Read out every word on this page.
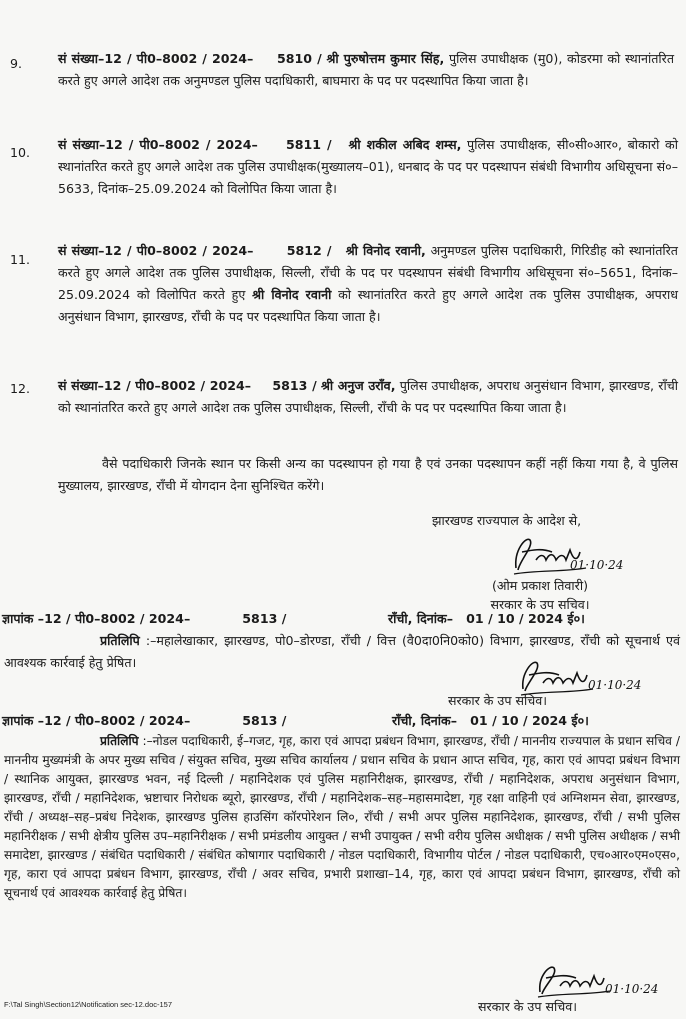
9.	सं संख्या–12 / पी0–8002 / 2024– 5810 / श्री पुरुषोत्तम कुमार सिंह, पुलिस उपाधीक्षक (मु0), कोडरमा को स्थानांतरित करते हुए अगले आदेश तक अनुमण्डल पुलिस पदाधिकारी, बाघमारा के पद पर पदस्थापित किया जाता है।
10.
सं संख्या–12 / पी0–8002 / 2024– 5811 / श्री शकील अबिद शम्स, पुलिस उपाधीक्षक, सी०सी०आर०, बोकारो को स्थानांतरित करते हुए अगले आदेश तक पुलिस उपाधीक्षक(मुख्यालय–01), धनबाद के पद पर पदस्थापन संबंधी विभागीय अधिसूचना सं०–5633, दिनांक–25.09.2024 को विलोपित किया जाता है।
11.
सं संख्या–12 / पी0–8002 / 2024–	5812 / श्री विनोद रवानी, अनुमण्डल पुलिस पदाधिकारी, गिरिडीह को स्थानांतरित करते हुए अगले आदेश तक पुलिस उपाधीक्षक, सिल्ली, राँची के पद पर पदस्थापन संबंधी विभागीय अधिसूचना सं०–5651, दिनांक–25.09.2024 को विलोपित करते हुए श्री विनोद रवानी को स्थानांतरित करते हुए अगले आदेश तक पुलिस उपाधीक्षक, अपराध अनुसंधान विभाग, झारखण्ड, राँची के पद पर पदस्थापित किया जाता है।
12. सं संख्या–12 / पी0–8002 / 2024– 5813 / श्री अनुज उराँव, पुलिस उपाधीक्षक, अपराध अनुसंधान विभाग, झारखण्ड, राँची को स्थानांतरित करते हुए अगले आदेश तक पुलिस उपाधीक्षक, सिल्ली, राँची के पद पर पदस्थापित किया जाता है।
वैसे पदाधिकारी जिनके स्थान पर किसी अन्य का पदस्थापन हो गया है एवं उनका पदस्थापन कहीं नहीं किया गया है, वे पुलिस मुख्यालय, झारखण्ड, राँची में योगदान देना सुनिश्चित करेंगे।
झारखण्ड राज्यपाल के आदेश से,
01·10·24
(ओम प्रकाश तिवारी)
सरकार के उप सचिव।
ज्ञापांक –12 / पी0–8002 / 2024–	5813 /	राँची, दिनांक– 01 / 10 / 2024 ई०।
प्रतिलिपि :–महालेखाकार, झारखण्ड, पो0–डोरण्डा, राँची / वित्त (वै0दा0नि0को0) विभाग, झारखण्ड, राँची को सूचनार्थ एवं आवश्यक कार्रवाई हेतु प्रेषित।
01·10·24
सरकार के उप सचिव।
ज्ञापांक –12 / पी0–8002 / 2024–	5813 /	राँची, दिनांक– 01 / 10 / 2024 ई०।
प्रतिलिपि :–नोडल पदाधिकारी, ई–गजट, गृह, कारा एवं आपदा प्रबंधन विभाग, झारखण्ड, राँची / माननीय राज्यपाल के प्रधान सचिव / माननीय मुख्यमंत्री के अपर मुख्य सचिव / संयुक्त सचिव, मुख्य सचिव कार्यालय / प्रधान सचिव के प्रधान आप्त सचिव, गृह, कारा एवं आपदा प्रबंधन विभाग / स्थानिक आयुक्त, झारखण्ड भवन, नई दिल्ली / महानिदेशक एवं पुलिस महानिरीक्षक, झारखण्ड, राँची / महानिदेशक, अपराध अनुसंधान विभाग, झारखण्ड, राँची / महानिदेशक, भ्रष्टाचार निरोधक ब्यूरो, झारखण्ड, राँची / महानिदेशक–सह–महासमादेष्टा, गृह रक्षा वाहिनी एवं अग्निशमन सेवा, झारखण्ड, राँची / अध्यक्ष–सह–प्रबंध निदेशक, झारखण्ड पुलिस हाउसिंग कॉरपोरेशन लि०, राँची / सभी अपर पुलिस महानिदेशक, झारखण्ड, राँची / सभी पुलिस महानिरीक्षक / सभी क्षेत्रीय पुलिस उप–महानिरीक्षक / सभी प्रमंडलीय आयुक्त / सभी उपायुक्त / सभी वरीय पुलिस अधीक्षक / सभी पुलिस अधीक्षक / सभी समादेष्टा, झारखण्ड / संबंधित पदाधिकारी / संबंधित कोषागार पदाधिकारी / नोडल पदाधिकारी, विभागीय पोर्टल / नोडल पदाधिकारी, एच०आर०एम०एस०, गृह, कारा एवं आपदा प्रबंधन विभाग, झारखण्ड, राँची / अवर सचिव, प्रभारी प्रशाखा–14, गृह, कारा एवं आपदा प्रबंधन विभाग, झारखण्ड, राँची को सूचनार्थ एवं आवश्यक कार्रवाई हेतु प्रेषित।
01·10·24
सरकार के उप सचिव।
F:\Tal Singh\Section12\Notification sec-12.doc-157
